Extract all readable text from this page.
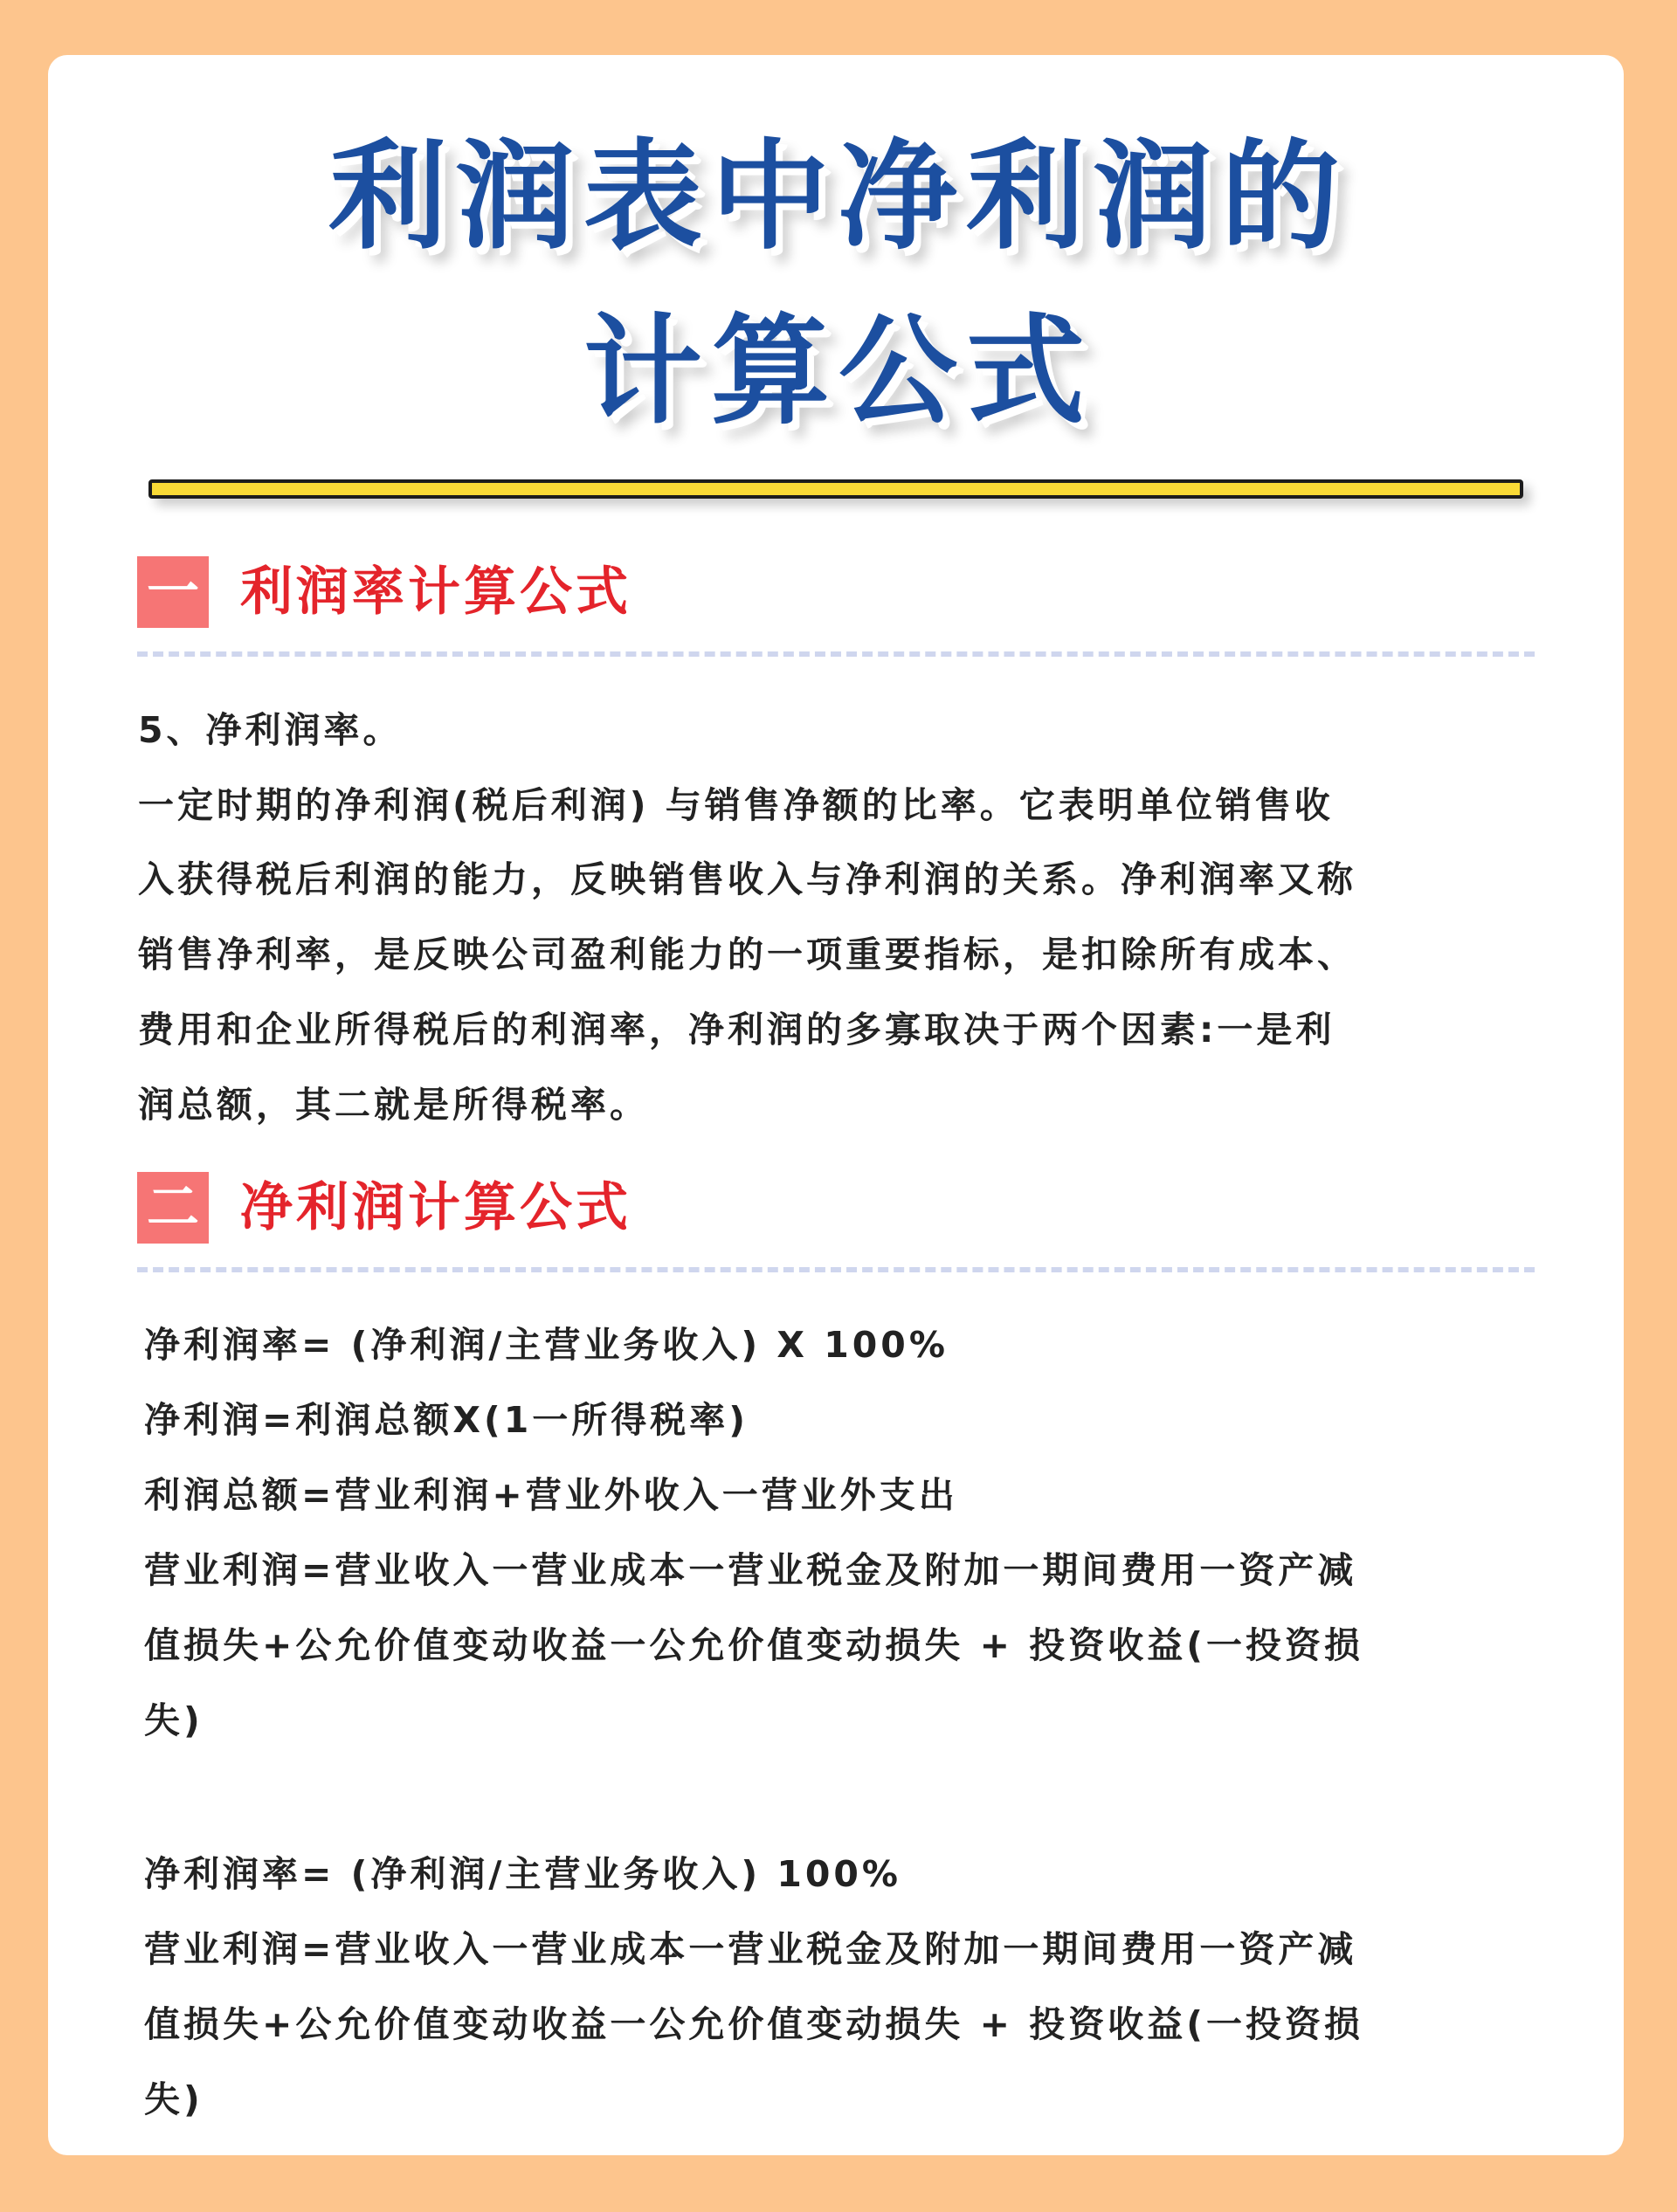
利润表中净利润的
计算公式
一 利润率计算公式
5、净利润率。
一定时期的净利润(税后利润) 与销售净额的比率。它表明单位销售收
入获得税后利润的能力，反映销售收入与净利润的关系。净利润率又称
销售净利率，是反映公司盈利能力的一项重要指标，是扣除所有成本、
费用和企业所得税后的利润率，净利润的多寡取决于两个因素:一是利
润总额，其二就是所得税率。
二 净利润计算公式
净利润率= (净利润/主营业务收入) X 100%
净利润=利润总额X(1一所得税率)
利润总额=营业利润+营业外收入一营业外支出
营业利润=营业收入一营业成本一营业税金及附加一期间费用一资产减
值损失+公允价值变动收益一公允价值变动损失 + 投资收益(一投资损
失)
净利润率= (净利润/主营业务收入) 100%
营业利润=营业收入一营业成本一营业税金及附加一期间费用一资产减
值损失+公允价值变动收益一公允价值变动损失 + 投资收益(一投资损
失)
